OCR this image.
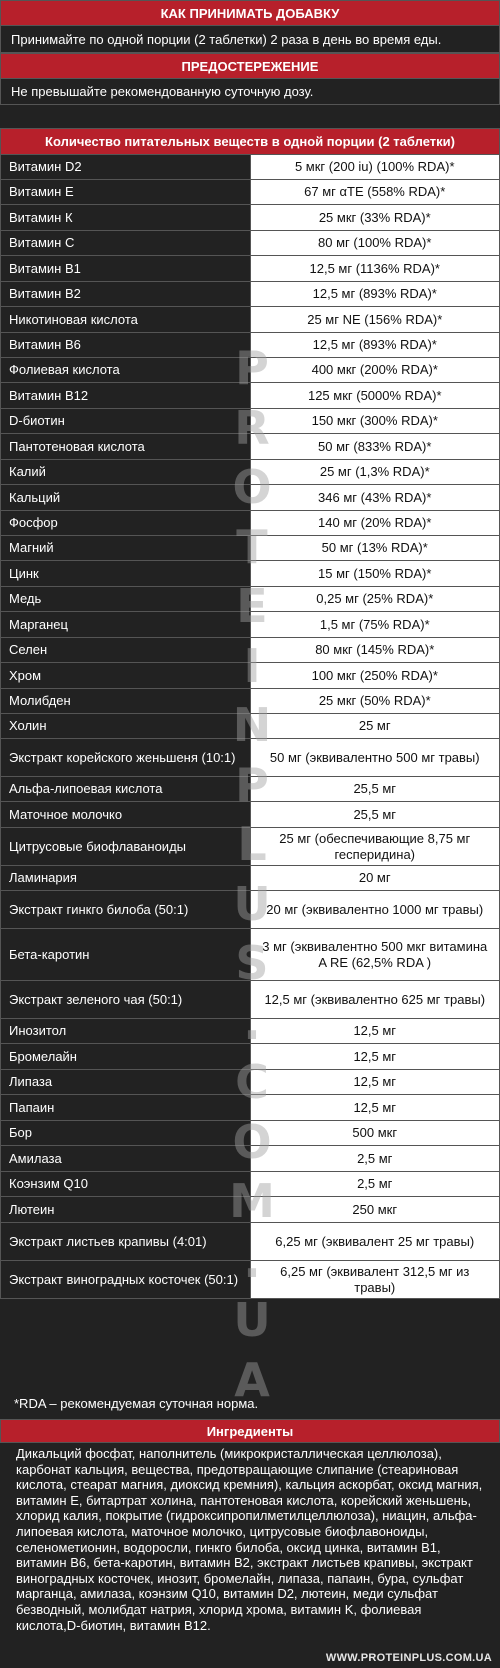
КАК ПРИНИМАТЬ ДОБАВКУ
Принимайте по одной порции (2 таблетки) 2 раза в день во время еды.
ПРЕДОСТЕРЕЖЕНИЕ
Не превышайте рекомендованную суточную дозу.
Количество питательных веществ в одной порции (2 таблетки)	
Витамин D2	5 мкг (200 iu) (100% RDA)*
Витамин E	67 мг αTE (558% RDA)*
Витамин К	25 мкг (33% RDA)*
Витамин С	80 мг (100% RDA)*
Витамин В1	12,5 мг (1136% RDA)*
Витамин В2	12,5 мг (893% RDA)*
Никотиновая кислота	25 мг NE (156% RDA)*
Витамин В6	12,5 мг (893% RDA)*
Фолиевая кислота	400 мкг (200% RDA)*
Витамин В12	125 мкг (5000% RDA)*
D-биотин	150 мкг (300% RDA)*
Пантотеновая кислота	50 мг (833% RDA)*
Калий	25 мг (1,3% RDA)*
Кальций	346 мг (43% RDA)*
Фосфор	140 мг (20% RDA)*
Магний	50 мг (13% RDA)*
Цинк	15 мг (150% RDA)*
Медь	0,25 мг (25% RDA)*
Марганец	1,5 мг (75% RDA)*
Селен	80 мкг (145% RDA)*
Хром	100 мкг (250% RDA)*
Молибден	25 мкг (50% RDA)*
Холин	25 мг
Экстракт корейского женьшеня (10:1)	50 мг (эквивалентно 500 мг травы)
Альфа-липоевая кислота	25,5 мг
Маточное молочко	25,5 мг
Цитрусовые биофлаваноиды	25 мг (обеспечивающие 8,75 мг гесперидина)
Ламинария	20 мг
Экстракт гинкго билоба (50:1)	20 мг (эквивалентно 1000 мг травы)
Бета-каротин	3 мг (эквивалентно 500 мкг витамина A RE (62,5% RDA )
Экстракт зеленого чая (50:1)	12,5 мг (эквивалентно 625 мг травы)
Инозитол	12,5 мг
Бромелайн	12,5 мг
Липаза	12,5 мг
Папаин	12,5 мг
Бор	500 мкг
Амилаза	2,5 мг
Коэнзим Q10	2,5 мг
Лютеин	250 мкг
Экстракт листьев крапивы (4:01)	6,25 мг (эквивалент 25 мг травы)
Экстракт виноградных косточек (50:1)	6,25 мг (эквивалент 312,5 мг из травы)
*RDA – рекомендуемая суточная норма.
Ингредиенты
Дикальций фосфат, наполнитель (микрокристаллическая целлюлоза), карбонат кальция, вещества, предотвращающие слипание (стеариновая кислота, стеарат магния, диоксид кремния), кальция аскорбат, оксид магния, витамин E, битартрат холина, пантотеновая кислота, корейский женьшень, хлорид калия, покрытие (гидроксипропилметилцеллюлоза), ниацин, альфа-липоевая кислота, маточное молочко, цитрусовые биофлавоноиды, селенометионин, водоросли, гинкго билоба, оксид цинка, витамин B1, витамин B6, бета-каротин, витамин B2, экстракт листьев крапивы, экстракт виноградных косточек, инозит, бромелайн, липаза, папаин, бура, сульфат марганца, амилаза, коэнзим Q10, витамин D2, лютеин, меди сульфат безводный, молибдат натрия, хлорид хрома, витамин K, фолиевая кислота,D-биотин, витамин B12.
P
R
O
T
E
I
N
P
L
U
S
.
C
O
M
.
U
A
WWW.PROTEINPLUS.COM.UA
